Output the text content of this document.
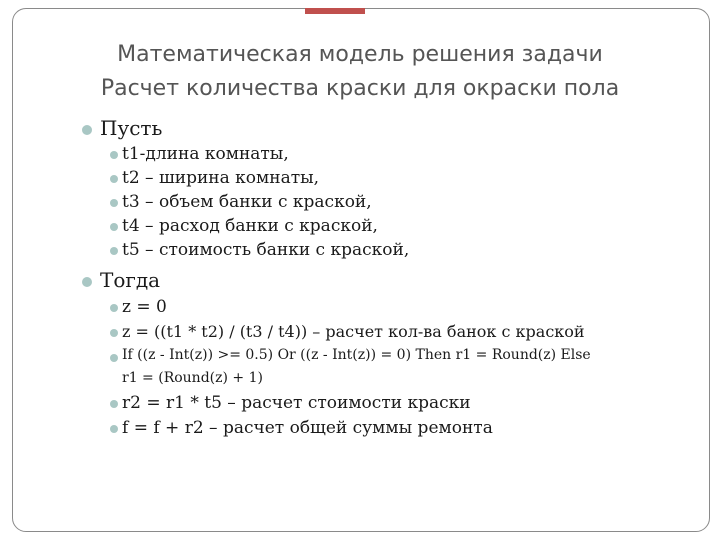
Математическая модель решения задачи
Расчет количества краски для окраски пола
Пусть
t1-длина комнаты,
t2 – ширина комнаты,
t3 – объем банки с краской,
t4 – расход банки с краской,
t5 – стоимость банки с краской,
Тогда
z = 0
z = ((t1 * t2) / (t3 / t4)) – расчет кол-ва банок с краской
If ((z - Int(z)) >= 0.5) Or ((z - Int(z)) = 0) Then r1 = Round(z) Else
r1 = (Round(z) + 1)
r2 = r1 * t5 – расчет стоимости краски
f = f + r2 – расчет общей суммы ремонта
